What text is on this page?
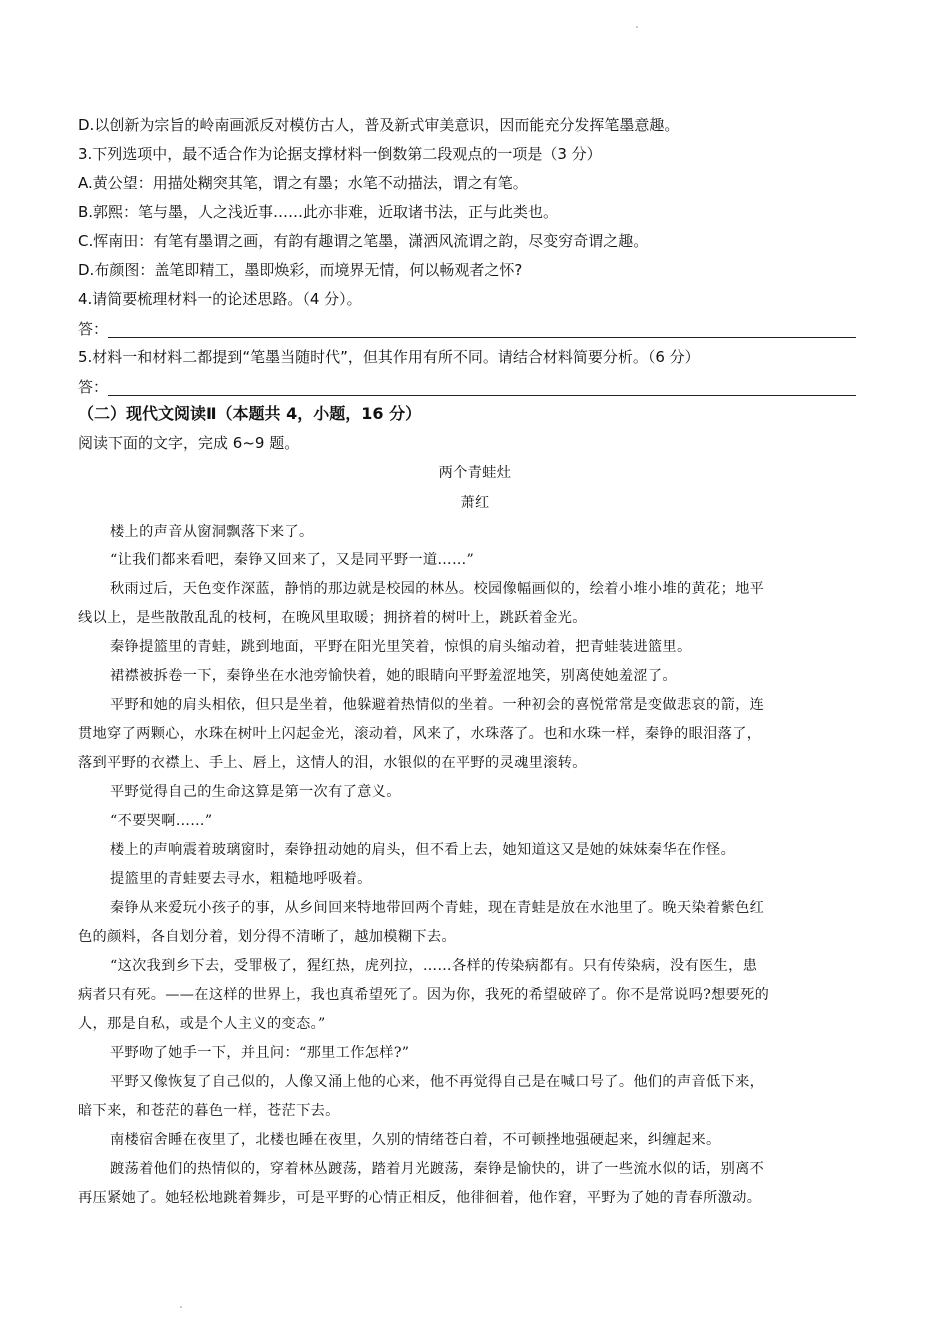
D.以创新为宗旨的岭南画派反对模仿古人，普及新式审美意识，因而能充分发挥笔墨意趣。
3.下列选项中，最不适合作为论据支撑材料一倒数第二段观点的一项是（3 分）
A.黄公望：用描处糊突其笔，谓之有墨；水笔不动描法，谓之有笔。
B.郭熙：笔与墨，人之浅近事……此亦非难，近取诸书法，正与此类也。
C.恽南田：有笔有墨谓之画，有韵有趣谓之笔墨，潇洒风流谓之韵，尽变穷奇谓之趣。
D.布颜图：盖笔即精工，墨即焕彩，而境界无情，何以畅观者之怀?
4.请简要梳理材料一的论述思路。（4 分）。
答：
5.材料一和材料二都提到“笔墨当随时代”，但其作用有所不同。请结合材料简要分析。（6 分）
答：
（二）现代文阅读Ⅱ（本题共 4，小题，16 分）
阅读下面的文字，完成 6~9 题。
两个青蛙灶
萧红
楼上的声音从窗洞飘落下来了。
“让我们都来看吧，秦铮又回来了，又是同平野一道……”
秋雨过后，天色变作深蓝，静悄的那边就是校园的林丛。校园像幅画似的，绘着小堆小堆的黄花；地平
线以上，是些散散乱乱的枝柯，在晚风里取暖；拥挤着的树叶上，跳跃着金光。
秦铮提篮里的青蛙，跳到地面，平野在阳光里笑着，惊惧的肩头缩动着，把青蛙装进篮里。
裙襟被拆卷一下，秦铮坐在水池旁愉快着，她的眼睛向平野羞涩地笑，别离使她羞涩了。
平野和她的肩头相依，但只是坐着，他躲避着热情似的坐着。一种初会的喜悦常常是变做悲哀的箭，连
贯地穿了两颗心，水珠在树叶上闪起金光，滚动着，风来了，水珠落了。也和水珠一样，秦铮的眼泪落了，
落到平野的衣襟上、手上、唇上，这情人的泪，水银似的在平野的灵魂里滚转。
平野觉得自己的生命这算是第一次有了意义。
“不要哭啊……”
楼上的声响震着玻璃窗时，秦铮扭动她的肩头，但不看上去，她知道这又是她的妹妹秦华在作怪。
提篮里的青蛙要去寻水，粗糙地呼吸着。
秦铮从来爱玩小孩子的事，从乡间回来特地带回两个青蛙，现在青蛙是放在水池里了。晚天染着紫色红
色的颜料，各自划分着，划分得不清晰了，越加模糊下去。
“这次我到乡下去，受罪极了，猩红热，虎列拉，……各样的传染病都有。只有传染病，没有医生，患
病者只有死。——在这样的世界上，我也真希望死了。因为你，我死的希望破碎了。你不是常说吗?想要死的
人，那是自私，或是个人主义的变态。”
平野吻了她手一下，并且问：“那里工作怎样?”
平野又像恢复了自己似的，人像又涌上他的心来，他不再觉得自己是在喊口号了。他们的声音低下来，
暗下来，和苍茫的暮色一样，苍茫下去。
南楼宿舍睡在夜里了，北楼也睡在夜里，久别的情绪苍白着，不可顿挫地强硬起来，纠缠起来。
踱荡着他们的热情似的，穿着林丛踱荡，踏着月光踱荡，秦铮是愉快的，讲了一些流水似的话，别离不
再压紧她了。她轻松地跳着舞步，可是平野的心情正相反，他徘徊着，他作窘，平野为了她的青春所激动。
